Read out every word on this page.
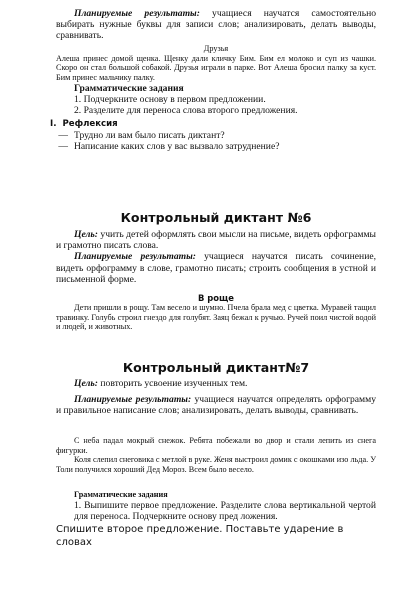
Планируемые результаты: учащиеся научатся самостоятельно выбирать нужные буквы для записи слов; анализировать, делать выводы, сравнивать.

Друзья

Алеша принес домой щенка. Щенку дали кличку Бим. Бим ел молоко и суп из чашки. Скоро он стал большой собакой. Друзья играли в парке. Вот Алеша бросил палку за куст. Бим принес мальчику палку.

Грамматические задания

1. Подчеркните основу в первом предложении.

2. Разделите для переноса слова второго предложения.

I. Рефлексия

— Трудно ли вам было писать диктант?
— Написание каких слов у вас вызвало затруднение?

Контрольный диктант №6

Цель: учить детей оформлять свои мысли на письме, видеть орфограммы и грамотно писать слова.

Планируемые результаты: учащиеся научатся писать сочинение, видеть орфограмму в слове, грамотно писать; строить сообщения в устной и письменной форме.

В роще

Дети пришли в рощу. Там весело и шумно. Пчела брала мед с цветка. Муравей тащил травинку. Голубь строил гнездо для голубят. Заяц бежал к ручью. Ручей поил чистой водой и людей, и животных.

Контрольный диктант№7

Цель: повторить усвоение изученных тем.

Планируемые результаты: учащиеся научатся определять орфограмму и правильное написание слов; анализировать, делать выводы, сравнивать.

С неба падал мокрый снежок. Ребята побежали во двор и стали лепить из снега фигурки.

Коля слепил снеговика с метлой в руке. Женя выстроил домик с окошками изо льда. У Толи получился хороший Дед Мороз. Всем было весело.

Грамматические задания

1. Выпишите первое предложение. Разделите слова вертикальной чертой для переноса. Подчеркните основу пред ложения.

Спишите второе предложение. Поставьте ударение в словах
